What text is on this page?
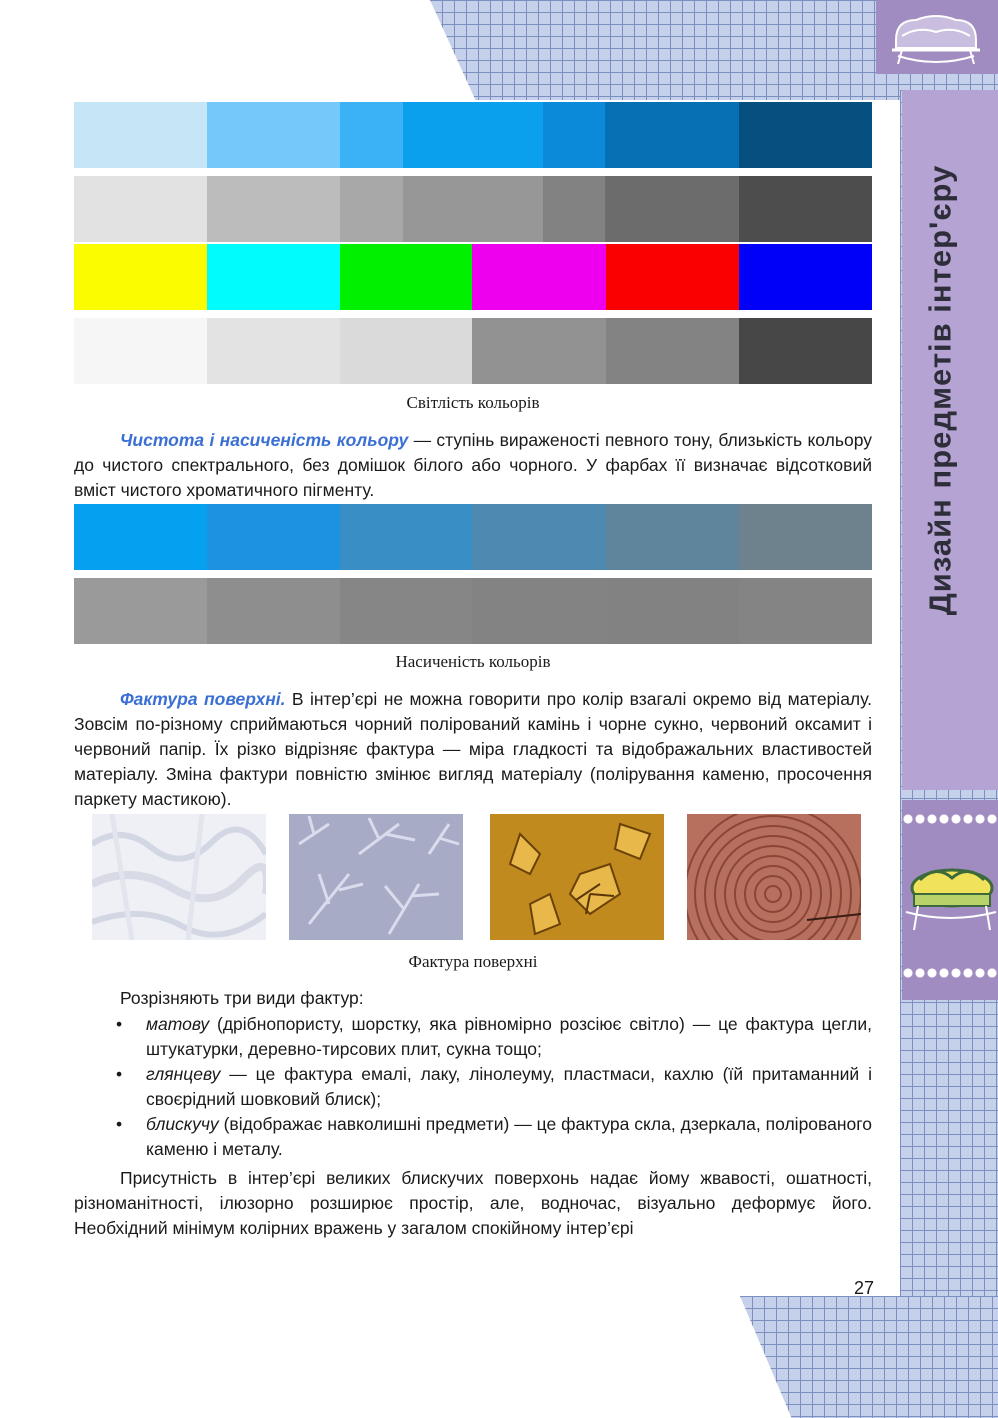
Дизайн предметів інтер'єру
Світлість кольорів
Чистота і насиченість кольору — ступінь вираженості певного тону, близькість кольору до чистого спектрального, без домішок білого або чорного. У фарбах її визначає відсотковий вміст чистого хроматичного пігменту.
Насиченість кольорів
Фактура поверхні. В інтер’єрі не можна говорити про колір взагалі окремо від матеріалу. Зовсім по-різному сприймаються чорний полірований камінь і чорне сукно, червоний оксамит і червоний папір. Їх різко відрізняє фактура — міра гладкості та відображальних властивостей матеріалу. Зміна фактури повністю змінює вигляд матеріалу (полірування каменю, просочення паркету мастикою).
Фактура поверхні
Розрізняють три види фактур:
• матову (дрібнопористу, шорстку, яка рівномірно розсіює світло) — це фактура цегли, штукатурки, деревно-тирсових плит, сукна тощо;
• глянцеву — це фактура емалі, лаку, лінолеуму, пластмаси, кахлю (їй притаманний і своєрідний шовковий блиск);
• блискучу (відображає навколишні предмети) — це фактура скла, дзеркала, полірованого каменю і металу.
Присутність в інтер’єрі великих блискучих поверхонь надає йому жвавості, ошатності, різноманітності, ілюзорно розширює простір, але, водночас, візуально деформує його. Необхідний мінімум колірних вражень у загалом спокійному інтер’єрі
27
